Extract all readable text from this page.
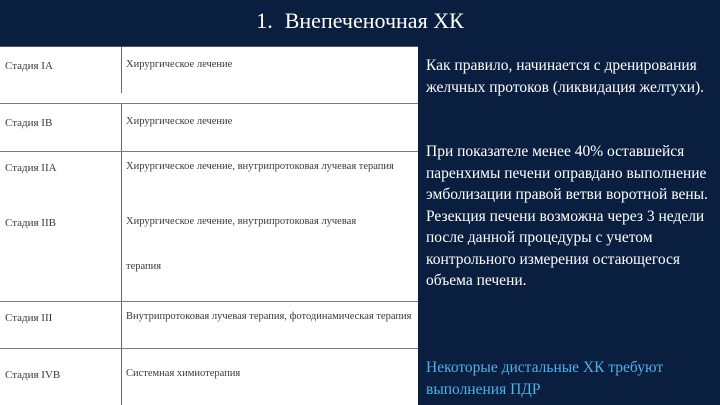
1. Внепеченочная ХК
Стадия IA	Хирургическое лечение
Стадия IB	Хирургическое лечение
Стадия IIA	Хирургическое лечение, внутрипротоковая лучевая терапия
Стадия IIB	Хирургическое лечение, внутрипротоковая лучевая
терапия
Стадия III	Внутрипротоковая лучевая терапия, фотодинамическая терапия
Стадия IVB	Системная химиотерапия
Как правило, начинается с дренирования желчных протоков (ликвидация желтухи).
При показателе менее 40% оставшейся паренхимы печени оправдано выполнение эмболизации правой ветви воротной вены. Резекция печени возможна через 3 недели после данной процедуры с учетом контрольного измерения остающегося объема печени.
Некоторые дистальные ХК требуют выполнения ПДР
